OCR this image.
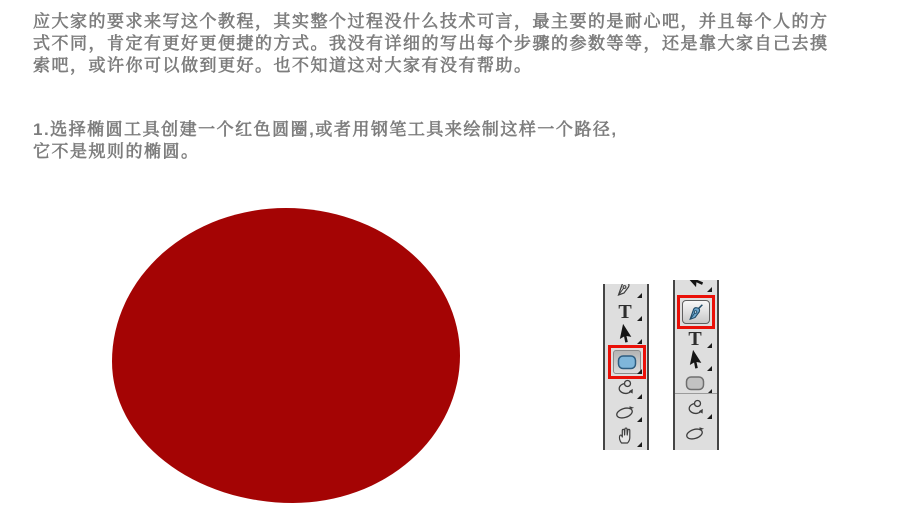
应大家的要求来写这个教程，其实整个过程没什么技术可言，最主要的是耐心吧，并且每个人的方
式不同，肯定有更好更便捷的方式。我没有详细的写出每个步骤的参数等等，还是靠大家自己去摸
索吧，或许你可以做到更好。也不知道这对大家有没有帮助。
1.选择椭圆工具创建一个红色圆圈,或者用钢笔工具来绘制这样一个路径,
它不是规则的椭圆。
T
T
